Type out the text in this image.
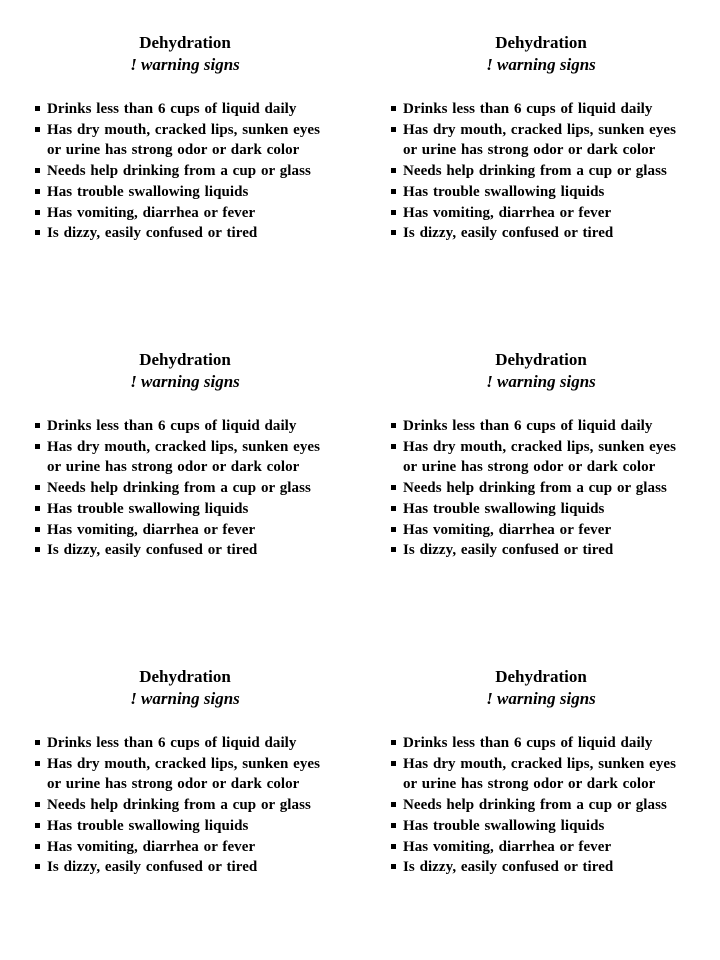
Dehydration
! warning signs
Drinks less than 6 cups of liquid daily
Has dry mouth, cracked lips, sunken eyes or urine has strong odor or dark color
Needs help drinking from a cup or glass
Has trouble swallowing liquids
Has vomiting, diarrhea or fever
Is dizzy, easily confused or tired
Dehydration
! warning signs
Drinks less than 6 cups of liquid daily
Has dry mouth, cracked lips, sunken eyes or urine has strong odor or dark color
Needs help drinking from a cup or glass
Has trouble swallowing liquids
Has vomiting, diarrhea or fever
Is dizzy, easily confused or tired
Dehydration
! warning signs
Drinks less than 6 cups of liquid daily
Has dry mouth, cracked lips, sunken eyes or urine has strong odor or dark color
Needs help drinking from a cup or glass
Has trouble swallowing liquids
Has vomiting, diarrhea or fever
Is dizzy, easily confused or tired
Dehydration
! warning signs
Drinks less than 6 cups of liquid daily
Has dry mouth, cracked lips, sunken eyes or urine has strong odor or dark color
Needs help drinking from a cup or glass
Has trouble swallowing liquids
Has vomiting, diarrhea or fever
Is dizzy, easily confused or tired
Dehydration
! warning signs
Drinks less than 6 cups of liquid daily
Has dry mouth, cracked lips, sunken eyes or urine has strong odor or dark color
Needs help drinking from a cup or glass
Has trouble swallowing liquids
Has vomiting, diarrhea or fever
Is dizzy, easily confused or tired
Dehydration
! warning signs
Drinks less than 6 cups of liquid daily
Has dry mouth, cracked lips, sunken eyes or urine has strong odor or dark color
Needs help drinking from a cup or glass
Has trouble swallowing liquids
Has vomiting, diarrhea or fever
Is dizzy, easily confused or tired
